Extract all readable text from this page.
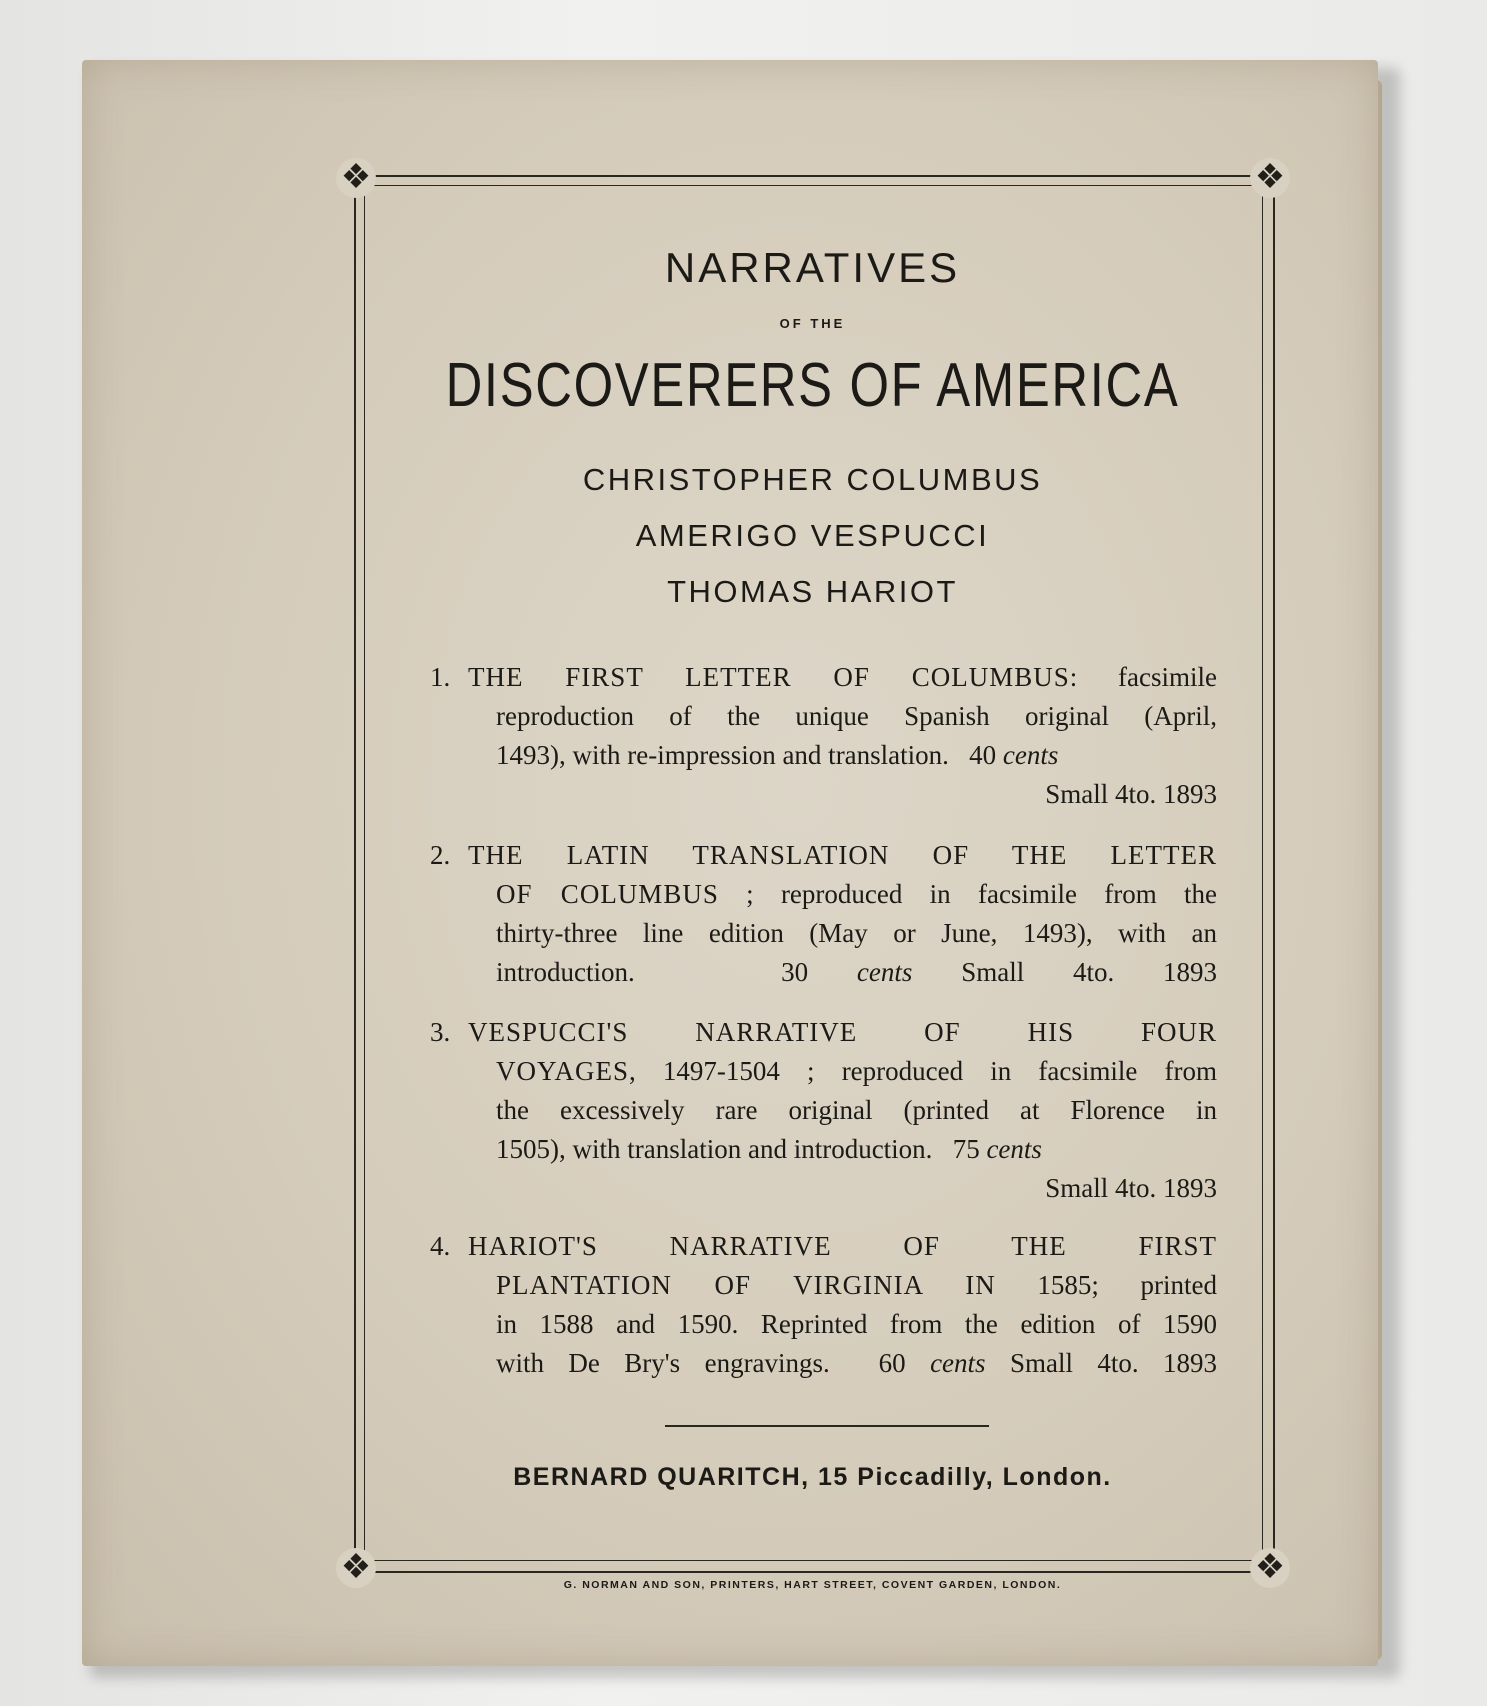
❖	❖
❖	❖
NARRATIVES
OF THE
DISCOVERERS OF AMERICA
CHRISTOPHER COLUMBUS
AMERIGO VESPUCCI
THOMAS HARIOT
1. THE FIRST LETTER OF COLUMBUS: facsimile
reproduction of the unique Spanish original (April,
1493), with re-impression and translation. 40 cents
Small 4to. 1893
2. THE LATIN TRANSLATION OF THE LETTER
OF COLUMBUS ; reproduced in facsimile from the
thirty-three line edition (May or June, 1493), with an
introduction.	30 cents Small 4to. 1893
3. VESPUCCI'S NARRATIVE OF HIS FOUR
VOYAGES, 1497-1504 ; reproduced in facsimile from
the excessively rare original (printed at Florence in
1505), with translation and introduction. 75 cents
Small 4to. 1893
4. HARIOT'S NARRATIVE OF THE FIRST
PLANTATION OF VIRGINIA IN 1585; printed
in 1588 and 1590. Reprinted from the edition of 1590
with De Bry's engravings. 60 cents Small 4to. 1893
BERNARD QUARITCH, 15 Piccadilly, London.
G. NORMAN AND SON, PRINTERS, HART STREET, COVENT GARDEN, LONDON.
